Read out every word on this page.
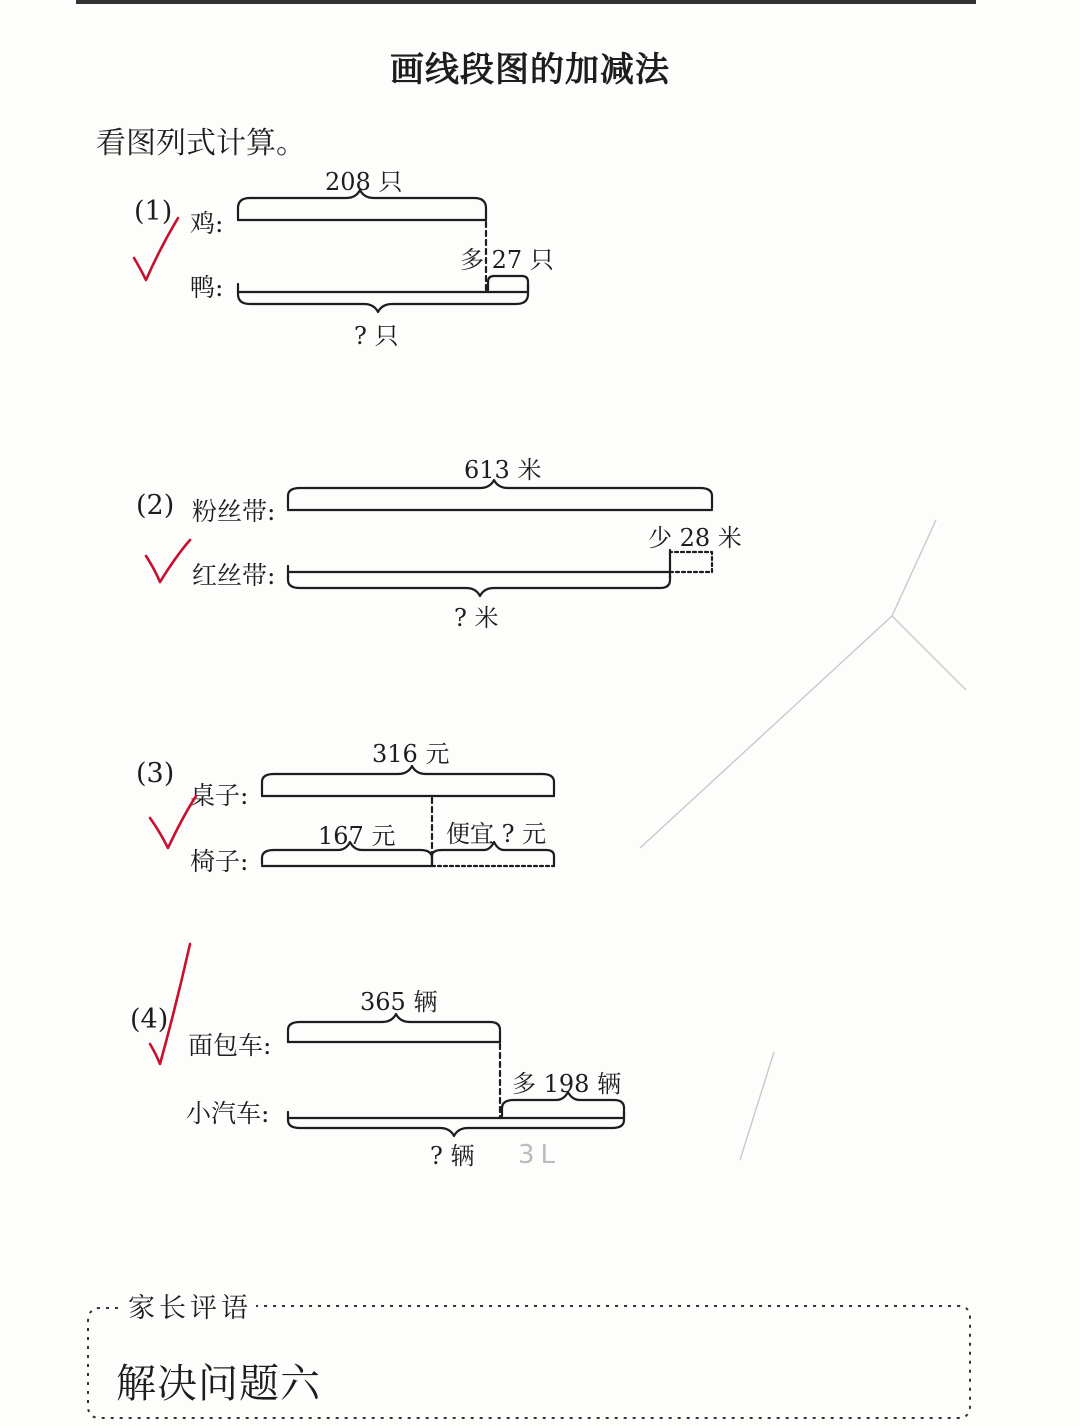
画线段图的加减法
看图列式计算。
(1) 鸡:
鸭:
208 只
多 27 只
? 只
(2) 粉丝带:
红丝带:
613 米
少 28 米
? 米
(3)
桌子:
椅子:
316 元
167 元 便宜 ? 元
(4)
面包车:
小汽车:
365 辆
多 198 辆
? 辆 3L
家长评语
解决问题六
